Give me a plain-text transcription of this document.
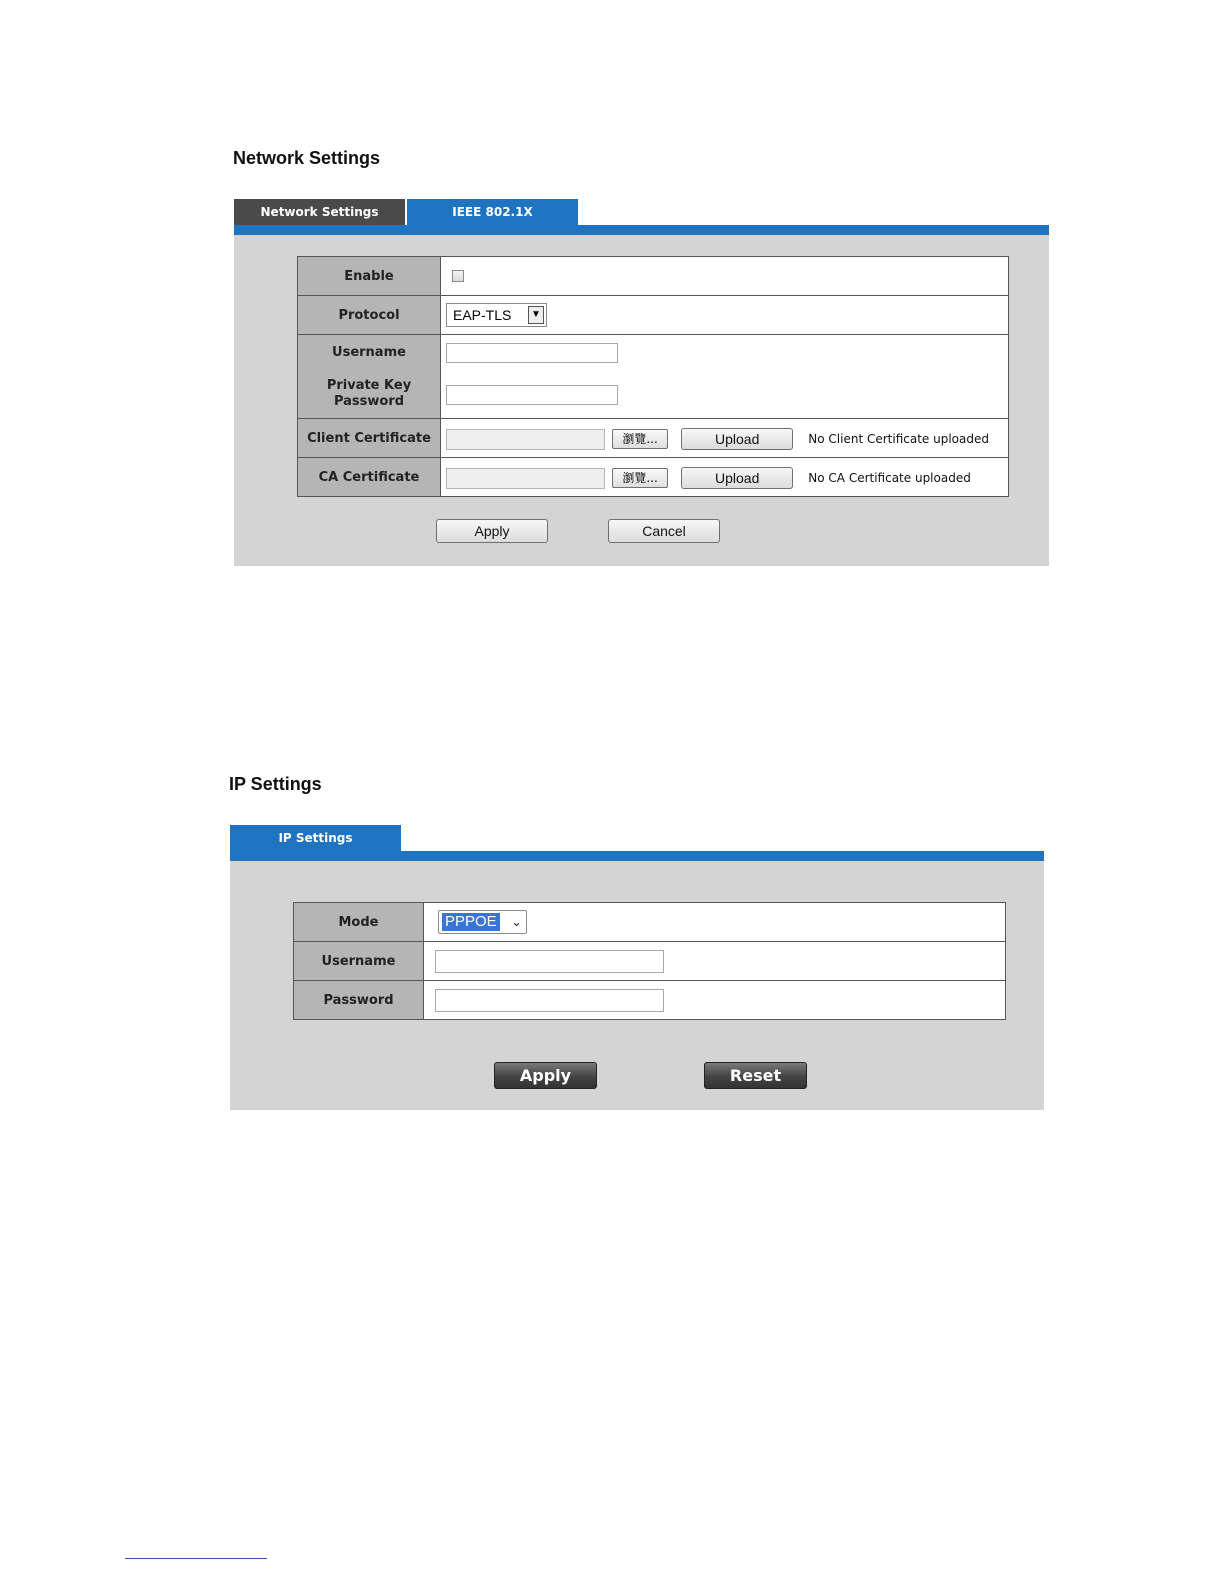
Network Settings
Network Settings	IEEE 802.1X
Enable	
Protocol	EAP-TLS ▼

Username
Private Key
Password	

Client Certificate	瀏覽... Upload No Client Certificate uploaded

CA Certificate	瀏覽... Upload No CA Certificate uploaded
Apply	Cancel
IP Settings
IP Settings
Mode	PPPOE ⌄

Username	

Password	
Apply	Reset
